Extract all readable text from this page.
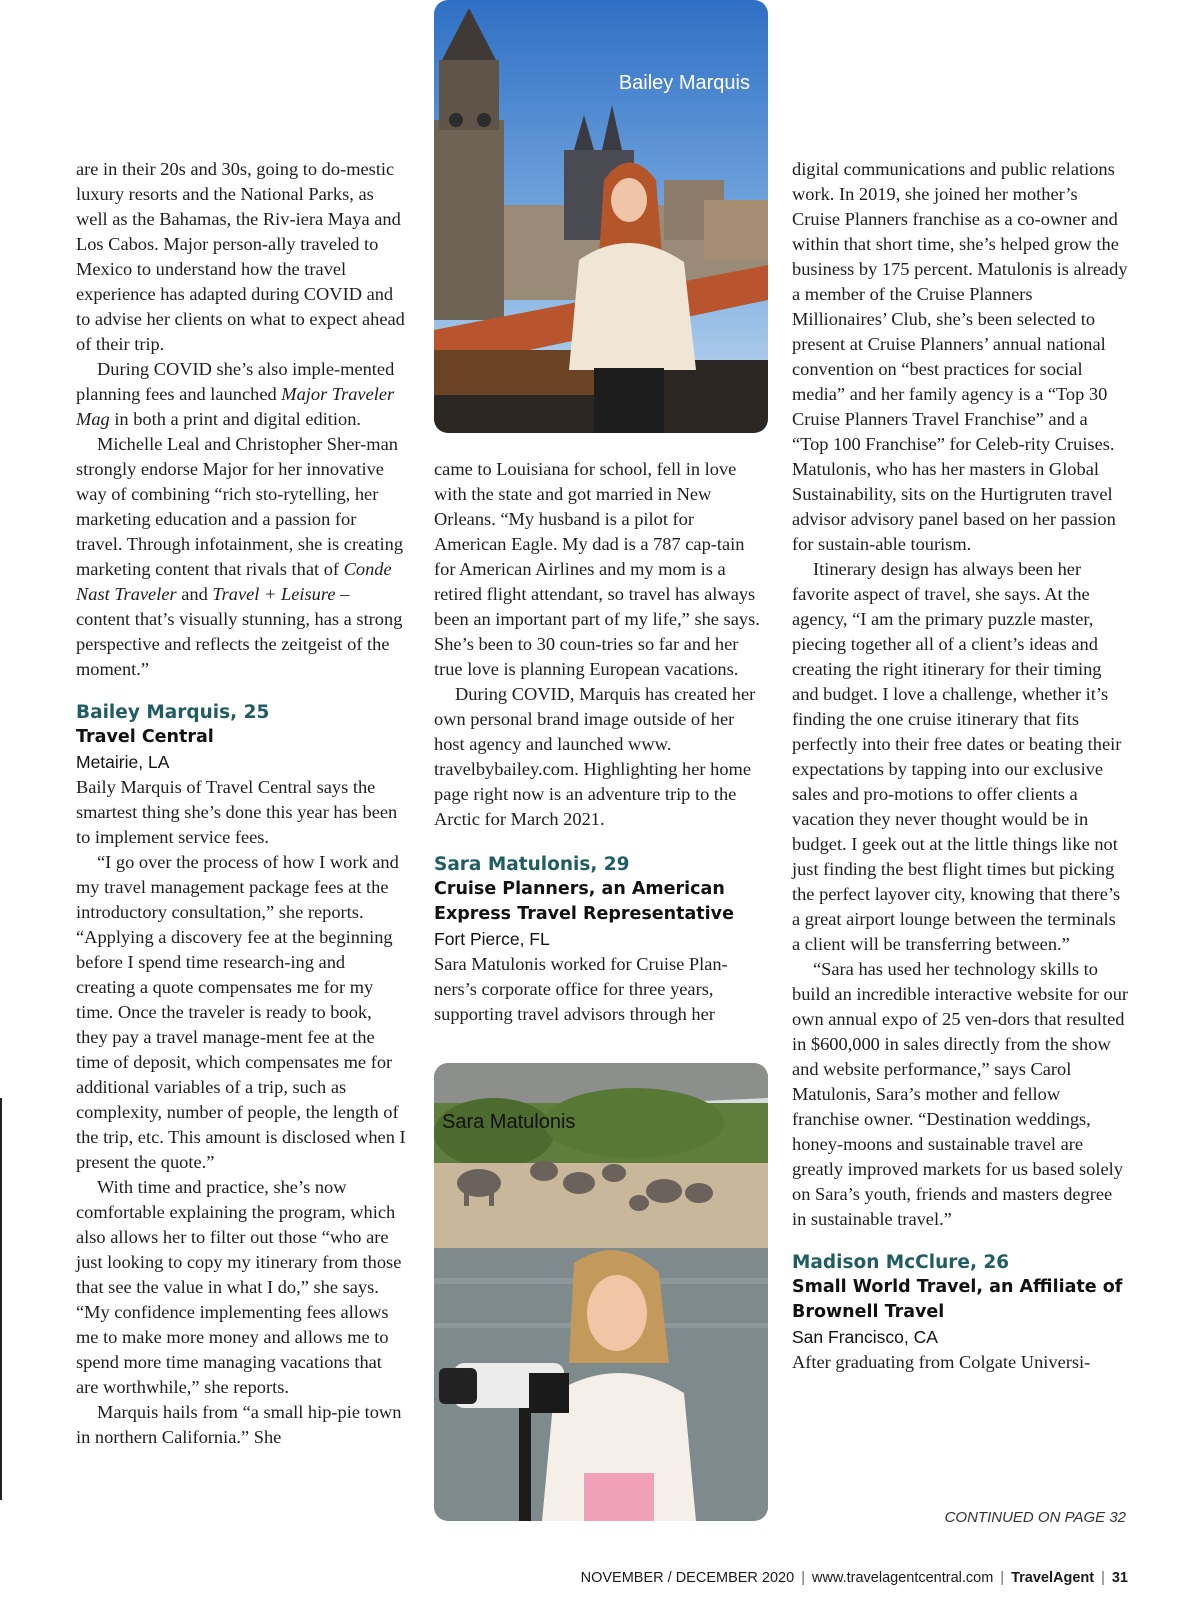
are in their 20s and 30s, going to do-mestic luxury resorts and the National Parks, as well as the Bahamas, the Riv-iera Maya and Los Cabos. Major person-ally traveled to Mexico to understand how the travel experience has adapted during COVID and to advise her clients on what to expect ahead of their trip.

During COVID she’s also imple-mented planning fees and launched Major Traveler Mag in both a print and digital edition.

Michelle Leal and Christopher Sher-man strongly endorse Major for her innovative way of combining “rich sto-rytelling, her marketing education and a passion for travel. Through infotainment, she is creating marketing content that rivals that of Conde Nast Traveler and Travel + Leisure – content that’s visually stunning, has a strong perspective and reflects the zeitgeist of the moment.”

Bailey Marquis, 25

Travel Central

Metairie, LA

Baily Marquis of Travel Central says the smartest thing she’s done this year has been to implement service fees.

“I go over the process of how I work and my travel management package fees at the introductory consultation,” she reports. “Applying a discovery fee at the beginning before I spend time research-ing and creating a quote compensates me for my time. Once the traveler is ready to book, they pay a travel manage-ment fee at the time of deposit, which compensates me for additional variables of a trip, such as complexity, number of people, the length of the trip, etc. This amount is disclosed when I present the quote.”

With time and practice, she’s now comfortable explaining the program, which also allows her to filter out those “who are just looking to copy my itinerary from those that see the value in what I do,” she says. “My confidence implementing fees allows me to make more money and allows me to spend more time managing vacations that are worthwhile,” she reports.

Marquis hails from “a small hip-pie town in northern California.” She

Bailey Marquis

came to Louisiana for school, fell in love with the state and got married in New Orleans. “My husband is a pilot for American Eagle. My dad is a 787 cap-tain for American Airlines and my mom is a retired flight attendant, so travel has always been an important part of my life,” she says. She’s been to 30 coun-tries so far and her true love is planning European vacations.

During COVID, Marquis has created her own personal brand image outside of her host agency and launched www. travelbybailey.com. Highlighting her home page right now is an adventure trip to the Arctic for March 2021.

Sara Matulonis, 29

Cruise Planners, an American Express Travel Representative

Fort Pierce, FL

Sara Matulonis worked for Cruise Plan-ners’s corporate office for three years, supporting travel advisors through her

Sara Matulonis

digital communications and public relations work. In 2019, she joined her mother’s Cruise Planners franchise as a co-owner and within that short time, she’s helped grow the business by 175 percent. Matulonis is already a member of the Cruise Planners Millionaires’ Club, she’s been selected to present at Cruise Planners’ annual national convention on “best practices for social media” and her family agency is a “Top 30 Cruise Planners Travel Franchise” and a “Top 100 Franchise” for Celeb-rity Cruises. Matulonis, who has her masters in Global Sustainability, sits on the Hurtigruten travel advisor advisory panel based on her passion for sustain-able tourism.

Itinerary design has always been her favorite aspect of travel, she says. At the agency, “I am the primary puzzle master, piecing together all of a client’s ideas and creating the right itinerary for their timing and budget. I love a challenge, whether it’s finding the one cruise itinerary that fits perfectly into their free dates or beating their expectations by tapping into our exclusive sales and pro-motions to offer clients a vacation they never thought would be in budget. I geek out at the little things like not just finding the best flight times but picking the perfect layover city, knowing that there’s a great airport lounge between the terminals a client will be transferring between.”

“Sara has used her technology skills to build an incredible interactive website for our own annual expo of 25 ven-dors that resulted in $600,000 in sales directly from the show and website performance,” says Carol Matulonis, Sara’s mother and fellow franchise owner. “Destination weddings, honey-moons and sustainable travel are greatly improved markets for us based solely on Sara’s youth, friends and masters degree in sustainable travel.”

Madison McClure, 26

Small World Travel, an Affiliate of Brownell Travel

San Francisco, CA

After graduating from Colgate Universi-

CONTINUED ON PAGE 32
NOVEMBER / DECEMBER 2020 | www.travelagentcentral.com | TravelAgent | 31
